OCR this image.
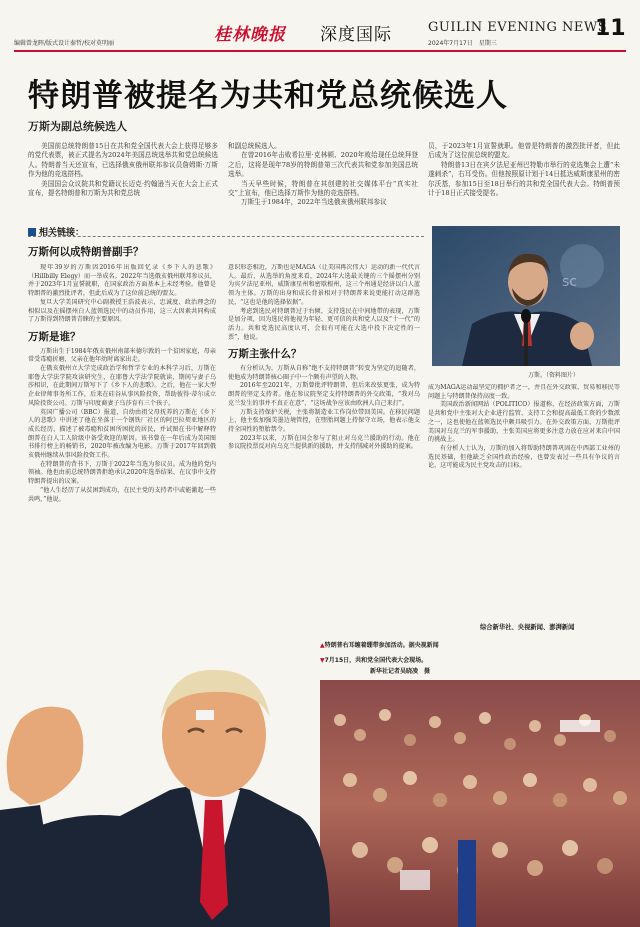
编辑曾龙晖/版式设计秦哲/校对莫明丽	桂林晚报 深度国际	GUILIN EVENING NEWS
2024年7月17日　星期三
11
特朗普被提名为共和党总统候选人
万斯为副总统候选人

美国前总统特朗普15日在共和党全国代表大会上获得足够多的党代表票，被正式提名为2024年美国总统选举共和党总统候选人。特朗普当天还宣布，已选择俄亥俄州联邦参议员詹姆斯·万斯作为他的竞选搭档。

美国国会众议院共和党籍议长迈克·约翰逊当天在大会上正式宣布，提名特朗普和万斯为共和党总统

和副总统候选人。

在曾2016年击败希拉里·克林顿、2020年败给现任总统拜登之后，这将是现年78岁的特朗普第三次代表共和党参加美国总统选举。

当天早些时候，特朗普在其创建的社交媒体平台“真实社交”上宣布，他已选择万斯作为他的竞选搭档。

万斯生于1984年，2022年当选俄亥俄州联邦参议

员，于2023年1月宣誓就职。他曾是特朗普的激烈批评者，但此后成为了这位前总统的盟友。

特朗普13日在宾夕法尼亚州巴特勒市举行的竞选集会上遭“未遂刺杀”，右耳受伤。但他按照原计划于14日抵达威斯康星州的密尔沃基，参加15日至18日举行的共和党全国代表大会。特朗普预计于18日正式接受提名。

相关链接：
万斯何以成特朗普副手？

现年39岁的万斯因2016年出版回忆录《乡下人的悲歌》（Hillbilly Elegy）而一举成名。2022年当选俄亥俄州联邦参议员，并于2023年1月宣誓就职，在国家政治方面基本上未经考验。他曾是特朗普的激烈批评者，但此后成为了这位前总统的盟友。

复旦大学美国研究中心副教授王浩波表示，忠诚度、政治理念的相似以及在摇摆州白人蓝领选民中的动员作用，这三大因素共同构成了万斯得到特朗普青睐的主要原因。

万斯是谁？

万斯出生于1984年俄亥俄州南部米德尔敦的一个贫困家庭，母亲常受毒瘾折磨，父亲在他年幼时离家出走。

在俄亥俄州立大学完成政治学和哲学专业的本科学习后，万斯在耶鲁大学法学院攻读研究生，在耶鲁大学法学院就读，期间与妻子乌莎相识，在此期间万斯写下了《乡下人的悲歌》。之后，他在一家大型企业律师事务所工作，后来在硅谷从事风险投资，帮助彼得·蒂尔成立风险投资公司。万斯与印度裔妻子乌莎育有三个孩子。

英国广播公司（BBC）报道，自幼由祖父母抚养的万斯在《乡下人的悲歌》中讲述了他在坐落于一个钢铁厂社区的阿巴拉契亚地区的成长经历，描述了被毒瘾和贫困所困扰的居民，并试图在书中解释特朗普在白人工人阶级中备受欢迎的原因。该书曾在一年后成为美国图书排行榜上的畅销书，2020年被改编为电影。万斯于2017年回到俄亥俄州继续从事风险投资工作。

在特朗普的背书下，万斯于2022年当选为参议员。成为他的党内领袖。他也由前总统特朗普拒绝承认2020年选举结果、在议事中支持特朗普提出的议案。

“他人生经历了从贫困到成功，在民主党的支持者中或能激起一些共鸣，”他说。

意识形态相近，万斯也是MAGA（让美国再次伟大）运动的新一代代言人。最后，从选举的角度来看，2024年大选最关键的三个摇摆州分别为宾夕法尼亚州、威斯康星州和密歇根州，这三个州通是经济以白人蓝领为主体。万斯的出身和成长背景相对于特朗普来说更能打动这群选民，“这也是他的选择依据”。

考虑到选民对特朗普过于右倾、支持选民在中间地带的表现，万斯是加分项，因为选民将他视为年轻、更可信的共和党人以及“十一代”的活力。共和党选民高度认可，会很有可能在大选中投下决定性的一票”，他说。

万斯主张什么？

有分析认为，万斯从自称“绝不支持特朗普”转变为坚定的追随者，使他成为特朗普核心圈子中一个颇有声望的人物。

2016年至2021年，万斯曾批评特朗普，但后来改弦更张，成为特朗普的坚定支持者。他在参议院坚定支持特朗普的外交政策，“我对乌克兰发生的事并不真正在意”，“这场战争应该由欧洲人自己来打”。

万斯支持保护关税，主张将制造业工作岗位带回美国。在移民问题上，他主张加强美墨边境管控，在堕胎问题上持保守立场，他表示他支持全国性的堕胎禁令。

2023年以来，万斯在国会参与了阻止对乌克兰援助的行动。他在参议院投票反对向乌克兰提供新的援助，并支持削减对外援助的提案。

sc
万斯。（资料图片）

成为MAGA运动最坚定的拥护者之一，并且在外交政策、贸易和移民等问题上与特朗普保持高度一致。

美国政治新闻网站（POLITICO）报道称，在经济政策方面，万斯是共和党中主张对大企业进行监管、支持工会和提高最低工资的少数派之一，这也使他在蓝领选民中颇具吸引力。在外交政策方面，万斯批评美国对乌克兰的军事援助，主张美国应将更多注意力放在应对来自中国的挑战上。

有分析人士认为，万斯的加入将帮助特朗普巩固在中西部工业州的选民基础，但他缺乏全国性政治经验，也曾发表过一些具有争议的言论，这可能成为民主党攻击的目标。

综合新华社、央视新闻、澎湃新闻
▲特朗普右耳缠着绷带参加活动。据央视新闻
▼7月15日，共和党全国代表大会现场。
新华社记者吴晓凌　摄
